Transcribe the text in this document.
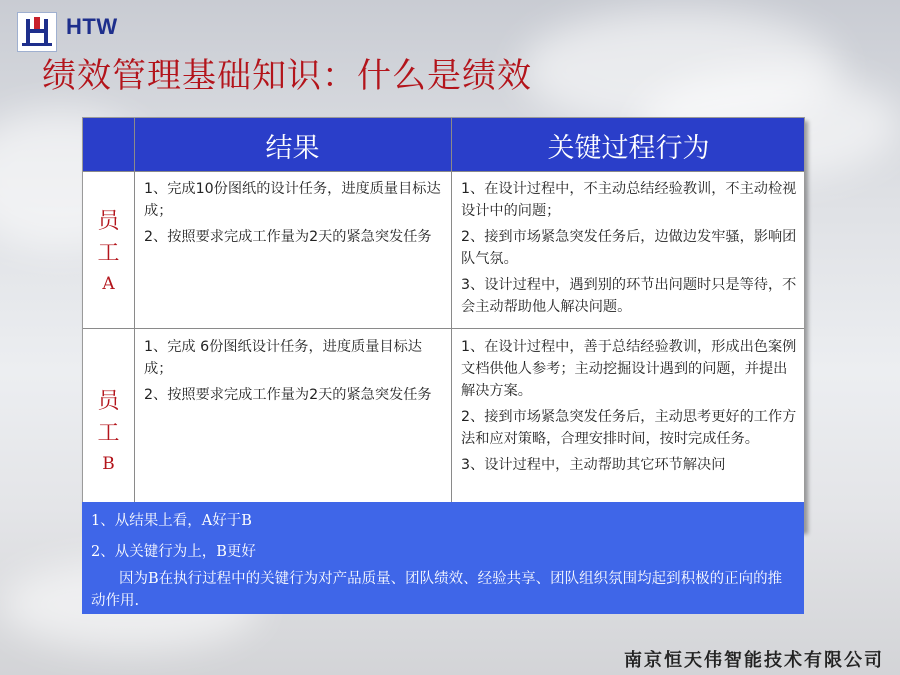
HTW
绩效管理基础知识：什么是绩效
结果	关键过程行为
员
工
A

1、完成10份图纸的设计任务，进度质量目标达成；

2、按照要求完成工作量为2天的紧急突发任务

1、在设计过程中，不主动总结经验教训，不主动检视设计中的问题；

2、接到市场紧急突发任务后，边做边发牢骚，影响团队气氛。

3、设计过程中，遇到别的环节出问题时只是等待，不会主动帮助他人解决问题。

员
工
B

1、完成 6份图纸设计任务，进度质量目标达成；

2、按照要求完成工作量为2天的紧急突发任务

1、在设计过程中，善于总结经验教训，形成出色案例文档供他人参考；主动挖掘设计遇到的问题，并提出解决方案。

2、接到市场紧急突发任务后，主动思考更好的工作方法和应对策略，合理安排时间，按时完成任务。

3、设计过程中，主动帮助其它环节解决问

1、从结果上看，A好于B
2、从关键行为上，B更好
因为B在执行过程中的关键行为对产品质量、团队绩效、经验共享、团队组织氛围均起到积极的正向的推动作用.
南京恒天伟智能技术有限公司
